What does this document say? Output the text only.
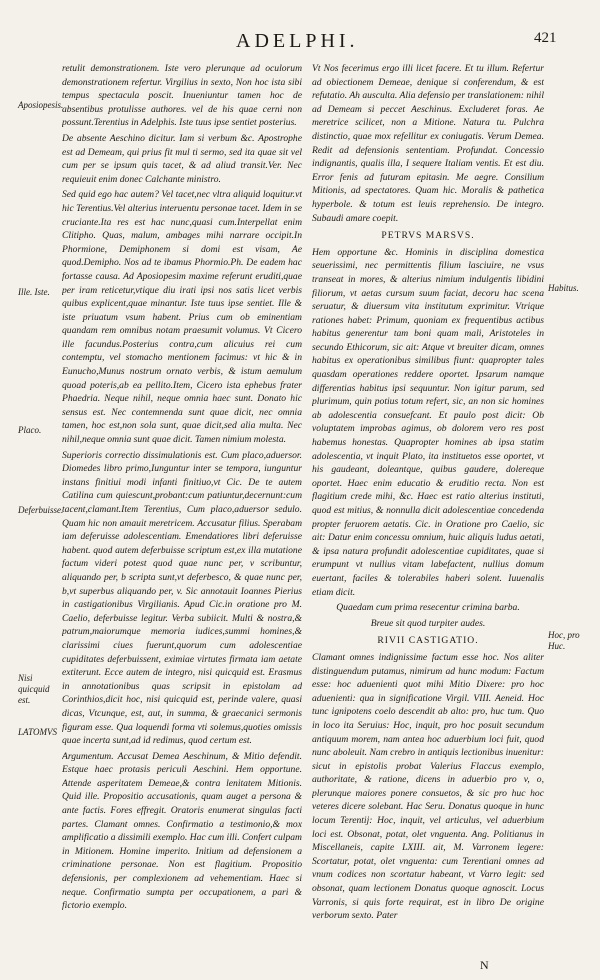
ADELPHI.	421

retulit demonstrationem. Iste vero plerunque ad oculorum demonstrationem refertur. Virgilius in sexto, Non hoc ista sibi tempus spectacula poscit. Inueniuntur tamen hoc de absentibus protulisse authores. vel de his quae cerni non possunt.Terentius in Adelphis. Iste tuus ipse sentiet posterius.

De absente Aeschino dicitur. Iam si verbum &c. Apostrophe est ad Demeam, qui prius fit mul ti sermo, sed ita quae sit vel cum per se ipsum quis tacet, & ad aliud transit.Ver. Nec requieuit enim donec Calchante ministro.

Sed quid ego hac autem? Vel tacet,nec vltra aliquid loquitur.vt hic Terentius.Vel alterius interuentu personae tacet. Idem in se cruciante.Ita res est hac nunc,quasi cum.Interpellat enim Clitipho. Quas, malum, ambages mihi narrare occipit.In Phormione, Demiphonem si domi est visam, Ae quod.Demipho. Nos ad te ibamus Phormio.Ph. De eadem hac fortasse causa. Ad Aposiopesim maxime referunt eruditi,quae per iram reticetur,vtique diu irati ipsi nos satis licet verbis quibus explicent,quae minantur. Iste tuus ipse sentiet. Ille & iste priuatum vsum habent. Prius cum ob eminentiam quandam rem omnibus notam praesumit volumus. Vt Cicero ille facundus.Posterius contra,cum alicuius rei cum contemptu, vel stomacho mentionem facimus: vt hic & in Eunucho,Munus nostrum ornato verbis, & istum aemulum quoad poteris,ab ea pellito.Item, Cicero ista ephebus frater Phaedria. Neque nihil, neque omnia haec sunt. Donato hic sensus est. Nec contemnenda sunt quae dicit, nec omnia tamen, hoc est,non sola sunt, quae dicit,sed alia multa. Nec nihil,neque omnia sunt quae dicit. Tamen nimium molesta.

Superioris correctio dissimulationis est. Cum placo,aduersor. Diomedes libro primo,Iunguntur inter se tempora, iunguntur instans finitiui modi infanti finitiuo,vt Cic. De te autem Catilina cum quiescunt,probant:cum patiuntur,decernunt:cum tacent,clamant.Item Terentius, Cum placo,aduersor sedulo. Quam hic non amauit meretricem. Accusatur filius. Sperabam iam deferuisse adolescentiam. Emendatiores libri deferuisse habent. quod autem deferbuisse scriptum est,ex illa mutatione factum videri potest quod quae nunc per, v scribuntur, aliquando per, b scripta sunt,vt deferbesco, & quae nunc per, b,vt superbus aliquando per, v. Sic annotauit Ioannes Pierius in castigationibus Virgilianis. Apud Cic.in oratione pro M. Caelio, deferbuisse legitur. Verba subiicit. Multi & nostra,& patrum,maiorumque memoria iudices,summi homines,& clarissimi ciues fuerunt,quorum cum adolescentiae cupiditates deferbuissent, eximiae virtutes firmata iam aetate extiterunt. Ecce autem de integro, nisi quicquid est. Erasmus in annotationibus quas scripsit in epistolam ad Corinthios,dicit hoc, nisi quicquid est, perinde valere, quasi dicas, Vtcunque, est, aut, in summa, & graecanici sermonis figuram esse. Qua loquendi forma vti solemus,quoties omissis quae incerta sunt,ad id redimus, quod certum est.

Argumentum. Accusat Demea Aeschinum, & Mitio defendit. Estque haec protasis periculi Aeschini. Hem opportune. Attende asperitatem Demeae,& contra lenitatem Mitionis. Quid ille. Propositio accusationis, quam auget a persona & ante factis. Fores effregit. Oratoris enumerat singulas facti partes. Clamant omnes. Confirmatio a testimonio,& mox amplificatio a dissimili exemplo. Hac cum illi. Confert culpam in Mitionem. Homine imperito. Initium ad defensionem a criminatione personae. Non est flagitium. Propositio defensionis, per complexionem ad vehementiam. Haec si neque. Confirmatio sumpta per occupationem, a pari & fictorio exemplo.

Vt Nos fecerimus ergo illi licet facere. Et tu illum. Refertur ad obiectionem Demeae, denique si conferendum, & est refutatio. Ah ausculta. Alia defensio per translationem: nihil ad Demeam si peccet Aeschinus. Excluderet foras. Ae meretrice scilicet, non a Mitione. Natura tu. Pulchra distinctio, quae mox refellitur ex coniugatis. Verum Demea. Redit ad defensionis sententiam. Profundat. Concessio indignantis, qualis illa, I sequere Italiam ventis. Et est diu. Error fenis ad futuram epitasin. Me aegre. Consilium Mitionis, ad spectatores. Quam hic. Moralis & pathetica hyperbole. & totum est leuis reprehensio. De integro. Subaudi amare coepit.

PETRVS MARSVS.

Hem opportune &c. Hominis in disciplina domestica seuerissimi, nec permittentis filium lasciuire, ne vsus transeat in mores, & alterius nimium indulgentis libidini filiorum, vt aetas cursum suum faciat, decoru hac scena seruatur, & diuersum vita institutum exprimitur. Vtrique rationes habet: Primum, quoniam ex frequentibus actibus habitus generentur tam boni quam mali, Aristoteles in secundo Ethicorum, sic ait: Atque vt breuiter dicam, omnes habitus ex operationibus similibus fiunt: quapropter tales quasdam operationes reddere oportet. Ipsarum namque differentias habitus ipsi sequuntur. Non igitur parum, sed plurimum, quin potius totum refert, sic, an non sic homines ab adolescentia consuefcant. Et paulo post dicit: Ob voluptatem improbas agimus, ob dolorem vero res post habemus honestas. Quapropter homines ab ipsa statim adolescentia, vt inquit Plato, ita instituetos esse oportet, vt his gaudeant, doleantque, quibus gaudere, dolereque oportet. Haec enim educatio & eruditio recta. Non est flagitium crede mihi, &c. Haec est ratio alterius instituti, quod est mitius, & nonnulla dicit adolescentiae concedenda propter feruorem aetatis. Cic. in Oratione pro Caelio, sic ait: Datur enim concessu omnium, huic aliquis ludus aetati, & ipsa natura profundit adolescentiae cupiditates, quae si erumpunt vt nullius vitam labefactent, nullius domum euertant, faciles & tolerabiles haberi solent. Iuuenalis etiam dicit.

Quaedam cum prima resecentur crimina barba.

Breue sit quod turpiter audes.

RIVII CASTIGATIO.

Clamant omnes indignissime factum esse hoc. Nos aliter distinguendum putamus, nimirum ad hunc modum: Factum esse: hoc aduenienti quot mihi Mitio Dixere: pro hoc aduenienti: qua in significatione Virgil. VIII. Aeneid. Hoc tunc ignipotens coelo descendit ab alto: pro, huc tum. Quo in loco ita Seruius: Hoc, inquit, pro hoc posuit secundum antiquum morem, nam antea hoc aduerbium loci fuit, quod nunc aboleuit. Nam crebro in antiquis lectionibus inuenitur: sicut in epistolis probat Valerius Flaccus exemplo, authoritate, & ratione, dicens in aduerbio pro v, o, plerunque maiores ponere consuetos, & sic pro huc hoc veteres dicere solebant. Hac Seru. Donatus quoque in hunc locum Terentij: Hoc, inquit, vel articulus, vel aduerbium loci est. Obsonat, potat, olet vnguenta. Ang. Politianus in Miscellaneis, capite LXIII. ait, M. Varronem legere: Scortatur, potat, olet vnguenta: cum Terentiani omnes ad vnum codices non scortatur habeant, vt Varro legit: sed obsonat, quam lectionem Donatus quoque agnoscit. Locus Varronis, si quis forte requirat, est in libro De origine verborum sexto. Pater

Aposiopesis.
Ille. Iste.
Placo.
Deferbuisse.
Nisi quicquid est.
LATOMVS
Habitus.
Hoc, pro Huc.
N
